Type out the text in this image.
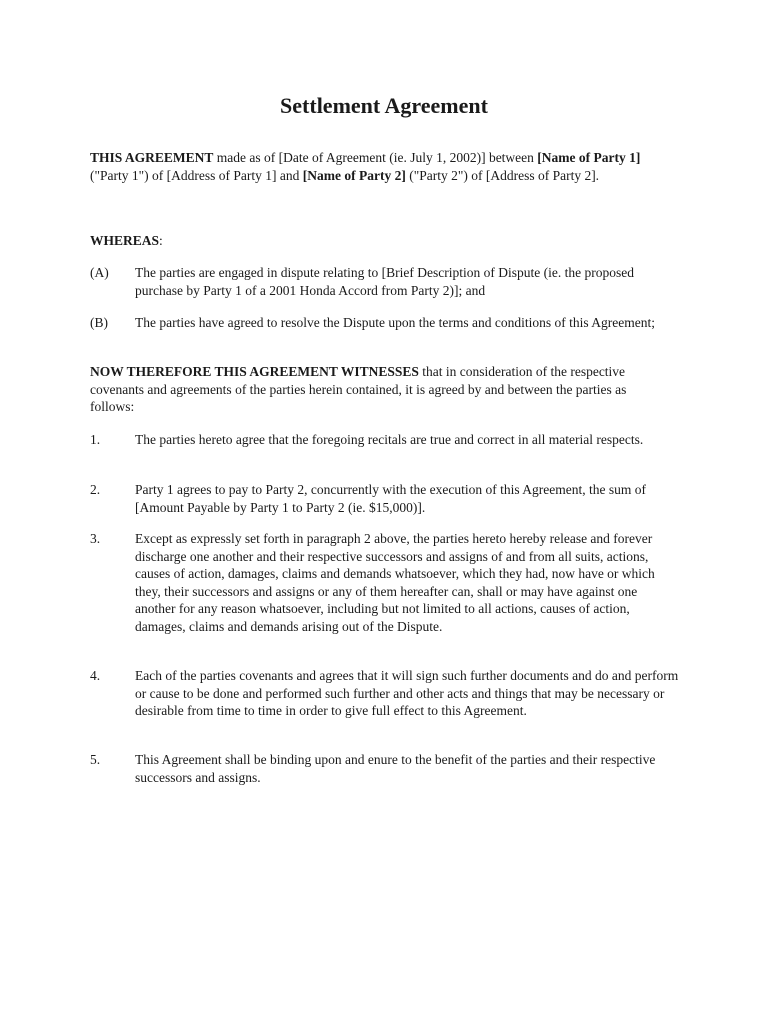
Settlement Agreement

THIS AGREEMENT made as of [Date of Agreement (ie. July 1, 2002)] between [Name of Party 1] ("Party 1") of [Address of Party 1] and [Name of Party 2] ("Party 2") of [Address of Party 2].

WHEREAS:

(A)	The parties are engaged in dispute relating to [Brief Description of Dispute (ie. the proposed purchase by Party 1 of a 2001 Honda Accord from Party 2)]; and
(B)	The parties have agreed to resolve the Dispute upon the terms and conditions of this Agreement;

NOW THEREFORE THIS AGREEMENT WITNESSES that in consideration of the respective covenants and agreements of the parties herein contained, it is agreed by and between the parties as follows:

1.	The parties hereto agree that the foregoing recitals are true and correct in all material respects.
2.	Party 1 agrees to pay to Party 2, concurrently with the execution of this Agreement, the sum of [Amount Payable by Party 1 to Party 2 (ie. $15,000)].
3.	Except as expressly set forth in paragraph 2 above, the parties hereto hereby release and forever discharge one another and their respective successors and assigns of and from all suits, actions, causes of action, damages, claims and demands whatsoever, which they had, now have or which they, their successors and assigns or any of them hereafter can, shall or may have against one another for any reason whatsoever, including but not limited to all actions, causes of action, damages, claims and demands arising out of the Dispute.
4.	Each of the parties covenants and agrees that it will sign such further documents and do and perform or cause to be done and performed such further and other acts and things that may be necessary or desirable from time to time in order to give full effect to this Agreement.
5.	This Agreement shall be binding upon and enure to the benefit of the parties and their respective successors and assigns.
